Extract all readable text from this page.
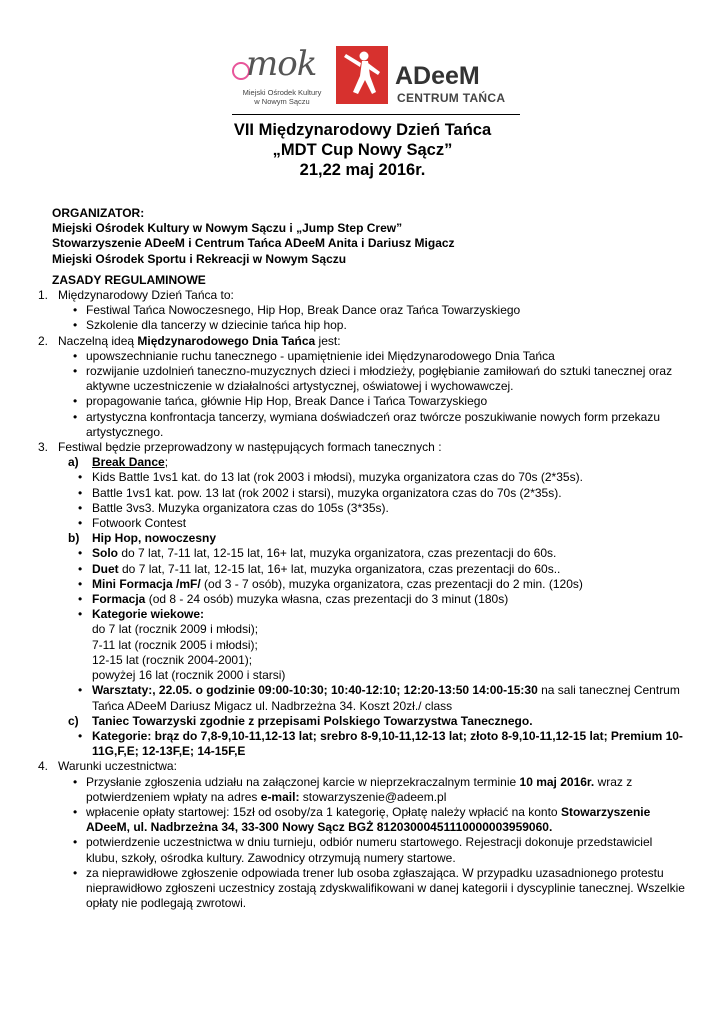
mok
Miejski Ośrodek Kultury
w Nowym Sączu
ADeeM
CENTRUM TAŃCA
VII Międzynarodowy Dzień Tańca
„MDT Cup Nowy Sącz”
21,22 maj 2016r.

ORGANIZATOR:

Miejski Ośrodek Kultury w Nowym Sączu i „Jump Step Crew”

Stowarzyszenie ADeeM i Centrum Tańca ADeeM Anita i Dariusz Migacz

Miejski Ośrodek Sportu i Rekreacji w Nowym Sączu

ZASADY REGULAMINOWE

1. Międzynarodowy Dzień Tańca to:
• Festiwal Tańca Nowoczesnego, Hip Hop, Break Dance oraz Tańca Towarzyskiego
• Szkolenie dla tancerzy w dziecinie tańca hip hop.
2. Naczelną ideą Międzynarodowego Dnia Tańca jest:
• upowszechnianie ruchu tanecznego - upamiętnienie idei Międzynarodowego Dnia Tańca
• rozwijanie uzdolnień taneczno-muzycznych dzieci i młodzieży, pogłębianie zamiłowań do sztuki tanecznej oraz aktywne uczestniczenie w działalności artystycznej, oświatowej i wychowawczej.
• propagowanie tańca, głównie Hip Hop, Break Dance i Tańca Towarzyskiego
• artystyczna konfrontacja tancerzy, wymiana doświadczeń oraz twórcze poszukiwanie nowych form przekazu artystycznego.
3. Festiwal będzie przeprowadzony w następujących formach tanecznych :
a) Break Dance;
• Kids Battle 1vs1 kat. do 13 lat (rok 2003 i młodsi), muzyka organizatora czas do 70s (2*35s).
• Battle 1vs1 kat. pow. 13 lat (rok 2002 i starsi), muzyka organizatora czas do 70s (2*35s).
• Battle 3vs3. Muzyka organizatora czas do 105s (3*35s).
• Fotwoork Contest
b) Hip Hop, nowoczesny
• Solo do 7 lat, 7-11 lat, 12-15 lat, 16+ lat, muzyka organizatora, czas prezentacji do 60s.
• Duet do 7 lat, 7-11 lat, 12-15 lat, 16+ lat, muzyka organizatora, czas prezentacji do 60s..
• Mini Formacja /mF/ (od 3 - 7 osób), muzyka organizatora, czas prezentacji do 2 min. (120s)
• Formacja (od 8 - 24 osób) muzyka własna, czas prezentacji do 3 minut (180s)
• Kategorie wiekowe:
do 7 lat (rocznik 2009 i młodsi);
7-11 lat (rocznik 2005 i młodsi);
12-15 lat (rocznik 2004-2001);
powyżej 16 lat (rocznik 2000 i starsi)
• Warsztaty:, 22.05. o godzinie 09:00-10:30; 10:40-12:10; 12:20-13:50 14:00-15:30 na sali tanecznej Centrum Tańca ADeeM Dariusz Migacz ul. Nadbrzeżna 34. Koszt 20zł./ class
c) Taniec Towarzyski zgodnie z przepisami Polskiego Towarzystwa Tanecznego.
• Kategorie: brąz do 7,8-9,10-11,12-13 lat; srebro 8-9,10-11,12-13 lat; złoto 8-9,10-11,12-15 lat; Premium 10-11G,F,E; 12-13F,E; 14-15F,E
4. Warunki uczestnictwa:
• Przysłanie zgłoszenia udziału na załączonej karcie w nieprzekraczalnym terminie 10 maj 2016r. wraz z potwierdzeniem wpłaty na adres e-mail: stowarzyszenie@adeem.pl
• wpłacenie opłaty startowej: 15zł od osoby/za 1 kategorię, Opłatę należy wpłacić na konto Stowarzyszenie ADeeM, ul. Nadbrzeżna 34, 33-300 Nowy Sącz BGŻ 81203000451110000003959060.
• potwierdzenie uczestnictwa w dniu turnieju, odbiór numeru startowego. Rejestracji dokonuje przedstawiciel klubu, szkoły, ośrodka kultury. Zawodnicy otrzymują numery startowe.
• za nieprawidłowe zgłoszenie odpowiada trener lub osoba zgłaszająca. W przypadku uzasadnionego protestu nieprawidłowo zgłoszeni uczestnicy zostają zdyskwalifikowani w danej kategorii i dyscyplinie tanecznej. Wszelkie opłaty nie podlegają zwrotowi.
